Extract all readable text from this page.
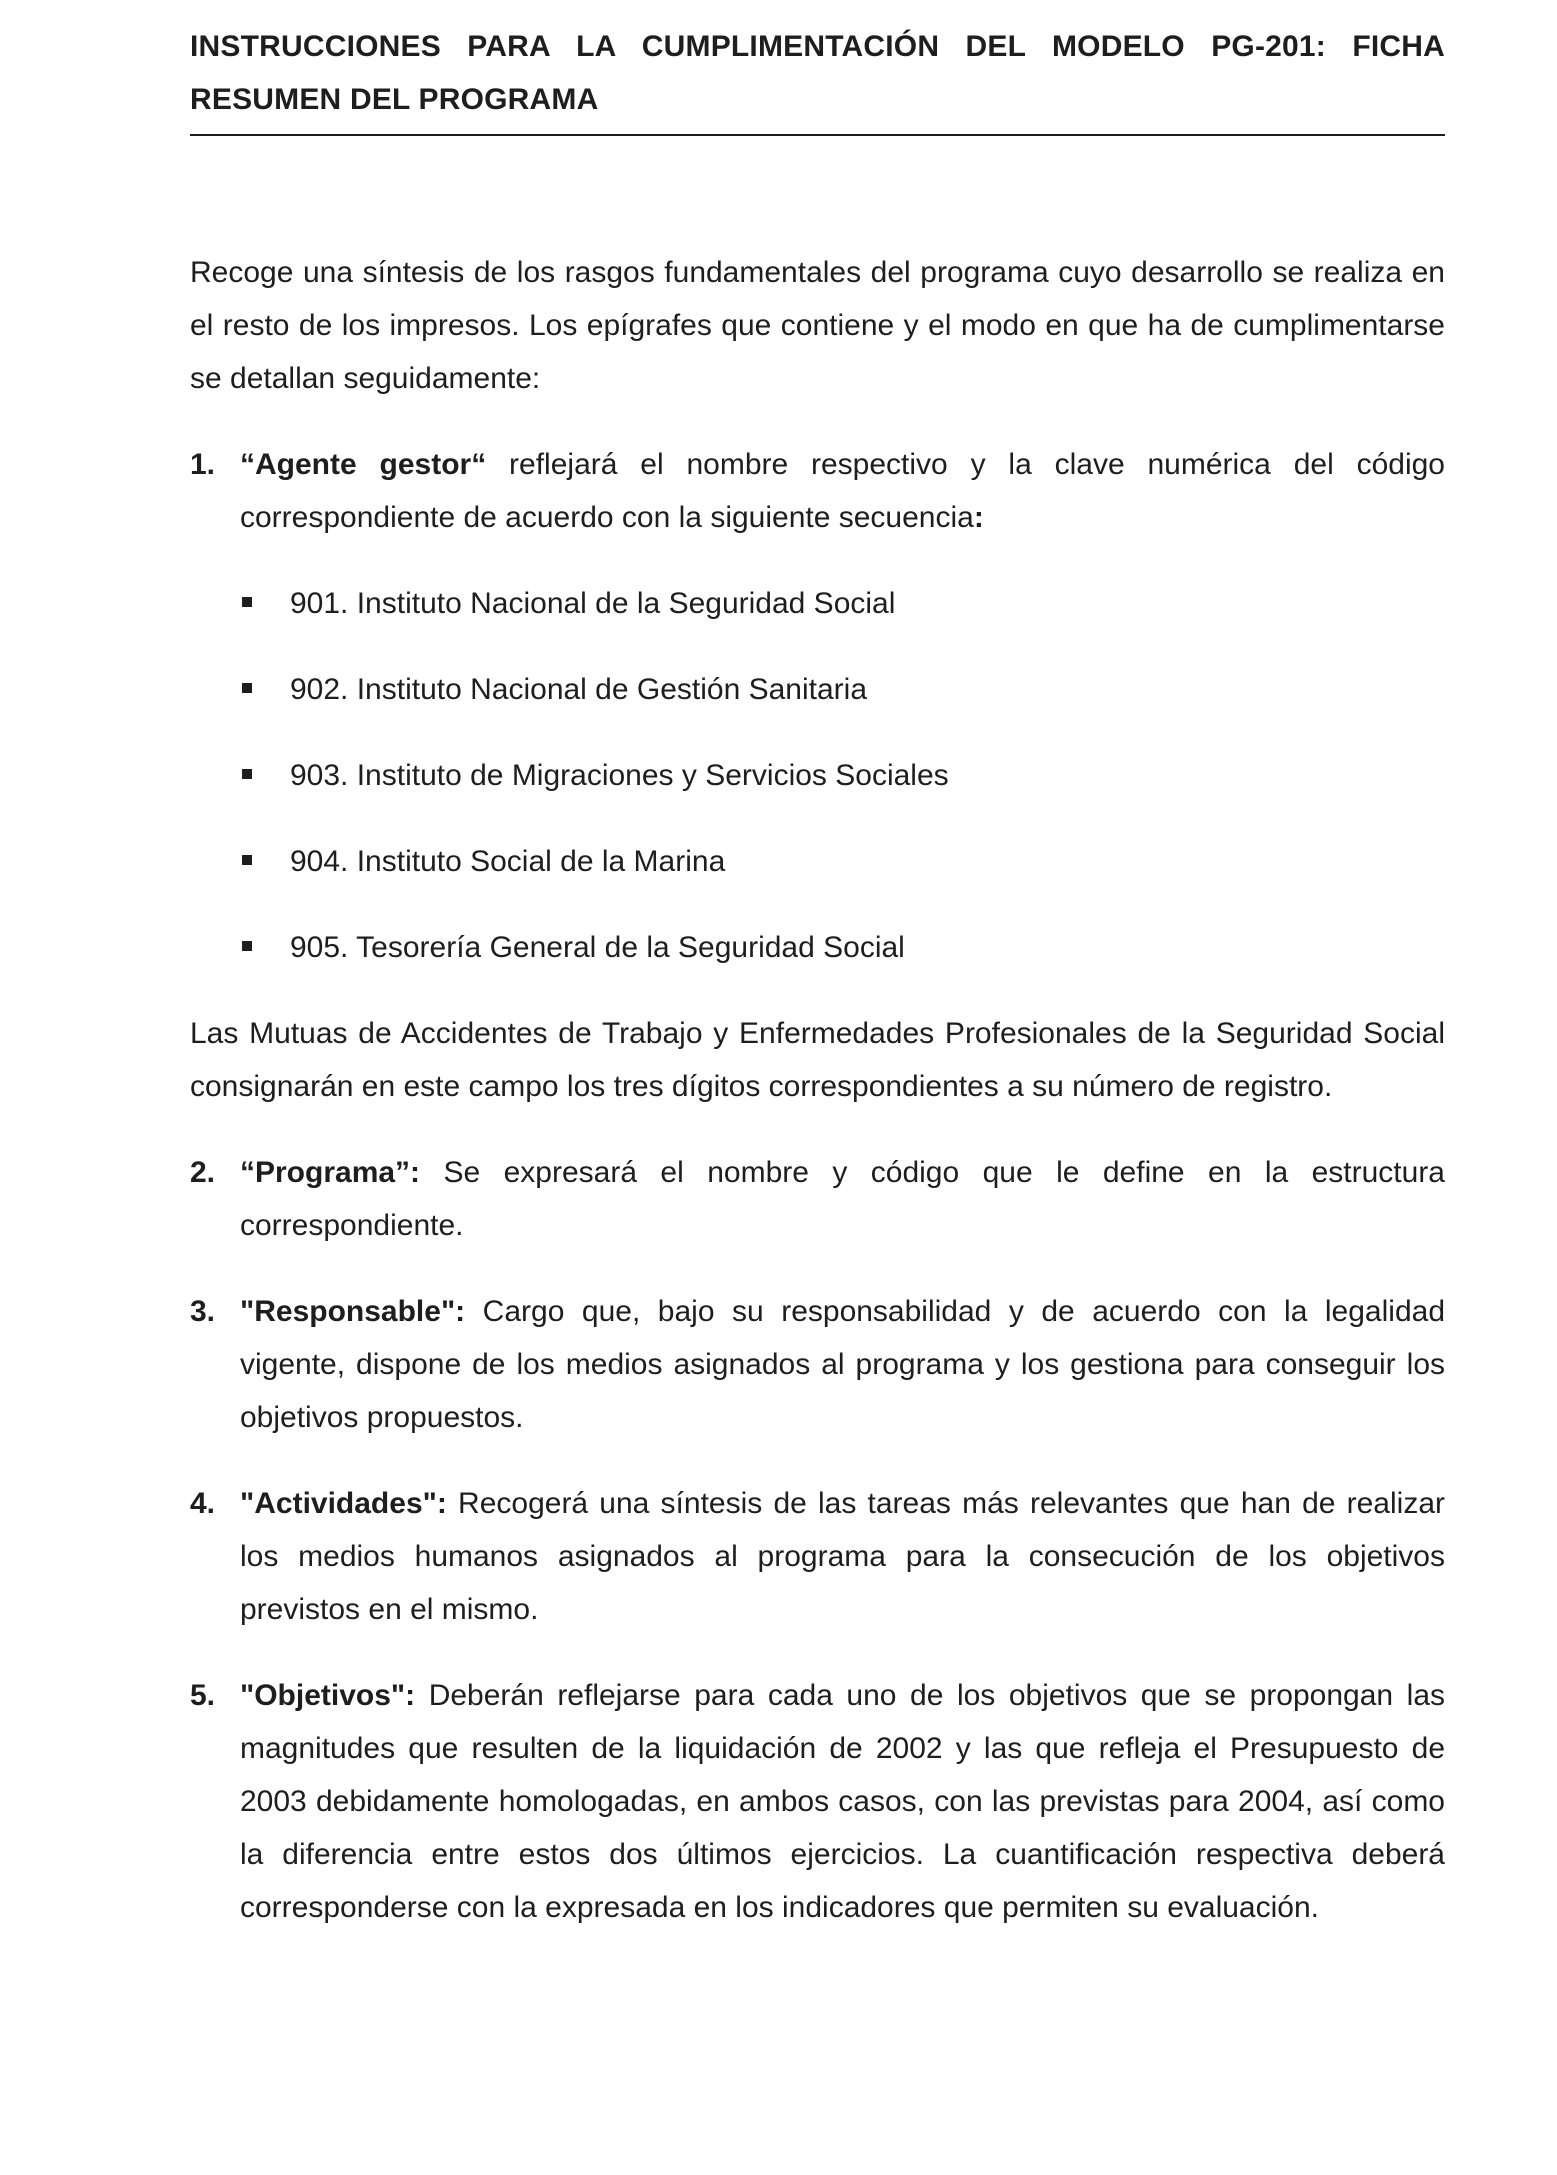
INSTRUCCIONES PARA LA CUMPLIMENTACIÓN DEL MODELO PG-201: FICHA RESUMEN DEL PROGRAMA
Recoge una síntesis de los rasgos fundamentales del programa cuyo desarrollo se realiza en el resto de los impresos. Los epígrafes que contiene y el modo en que ha de cumplimentarse se detallan seguidamente:
1. “Agente gestor“ reflejará el nombre respectivo y la clave numérica del código correspondiente de acuerdo con la siguiente secuencia:
901. Instituto Nacional de la Seguridad Social
902. Instituto Nacional de Gestión Sanitaria
903. Instituto de Migraciones y Servicios Sociales
904. Instituto Social de la Marina
905. Tesorería General de la Seguridad Social
Las Mutuas de Accidentes de Trabajo y Enfermedades Profesionales de la Seguridad Social consignarán en este campo los tres dígitos correspondientes a su número de registro.
2. “Programa”: Se expresará el nombre y código que le define en la estructura correspondiente.
3. "Responsable": Cargo que, bajo su responsabilidad y de acuerdo con la legalidad vigente, dispone de los medios asignados al programa y los gestiona para conseguir los objetivos propuestos.
4. "Actividades": Recogerá una síntesis de las tareas más relevantes que han de realizar los medios humanos asignados al programa para la consecución de los objetivos previstos en el mismo.
5. "Objetivos": Deberán reflejarse para cada uno de los objetivos que se propongan las magnitudes que resulten de la liquidación de 2002 y las que refleja el Presupuesto de 2003 debidamente homologadas, en ambos casos, con las previstas para 2004, así como la diferencia entre estos dos últimos ejercicios. La cuantificación respectiva deberá corresponderse con la expresada en los indicadores que permiten su evaluación.
